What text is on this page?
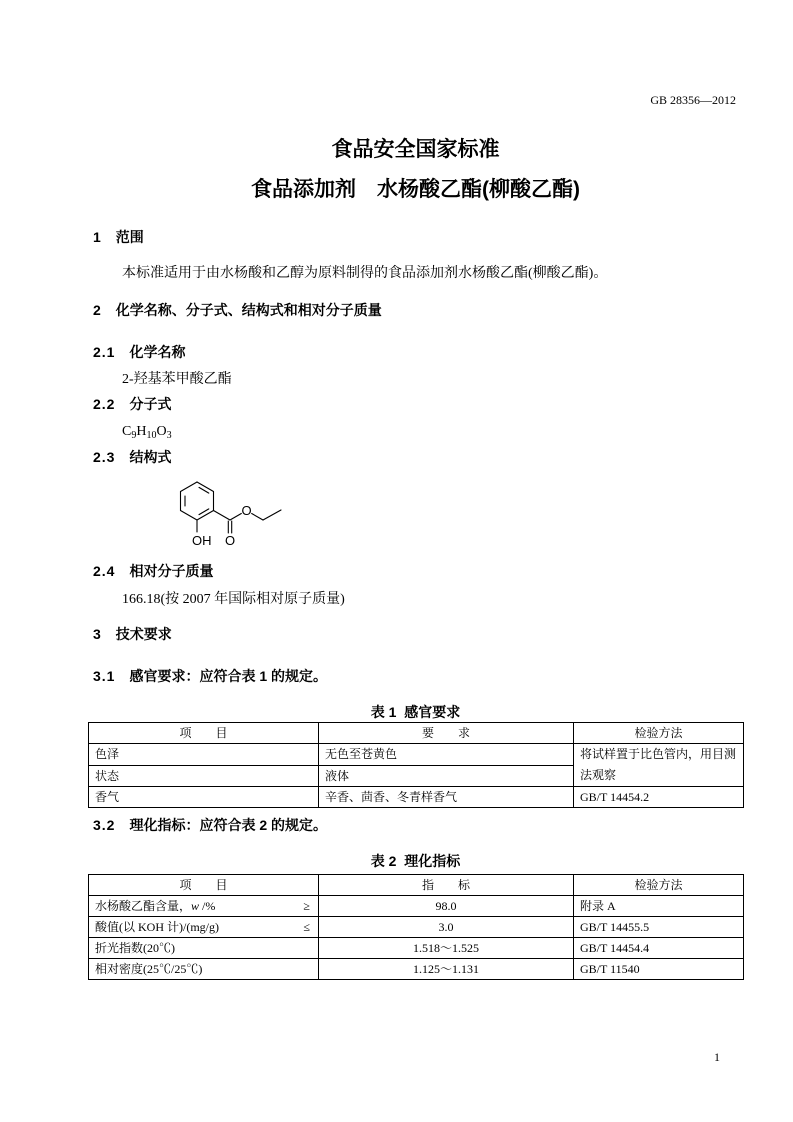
GB 28356—2012
食品安全国家标准
食品添加剂　水杨酸乙酯(柳酸乙酯)
1 范围
本标准适用于由水杨酸和乙醇为原料制得的食品添加剂水杨酸乙酯(柳酸乙酯)。
2 化学名称、分子式、结构式和相对分子质量
2.1 化学名称
2-羟基苯甲酸乙酯
2.2 分子式
$C_9H_{10}O_3$
2.3 结构式
OH O
O
2.4 相对分子质量
166.18(按 2007 年国际相对原子质量)
3 技术要求
3.1 感官要求：应符合表 1 的规定。
表 1  感官要求
项　　目	要　　求	检验方法
色泽	无色至苍黄色	将试样置于比色管内，用目测
法观察

状态	液体	
香气	辛香、茴香、冬青样香气	GB/T 14454.2
3.2 理化指标：应符合表 2 的规定。
表 2  理化指标
项　　目	指　　标	检验方法

水杨酸乙酯含量，w /% ≥	98.0	附录 A

酸值(以 KOH 计)/(mg/g) ≤	3.0	GB/T 14455.5
折光指数(20℃)	1.518～1.525	GB/T 14454.4
相对密度(25℃/25℃)	1.125～1.131	GB/T 11540
1
